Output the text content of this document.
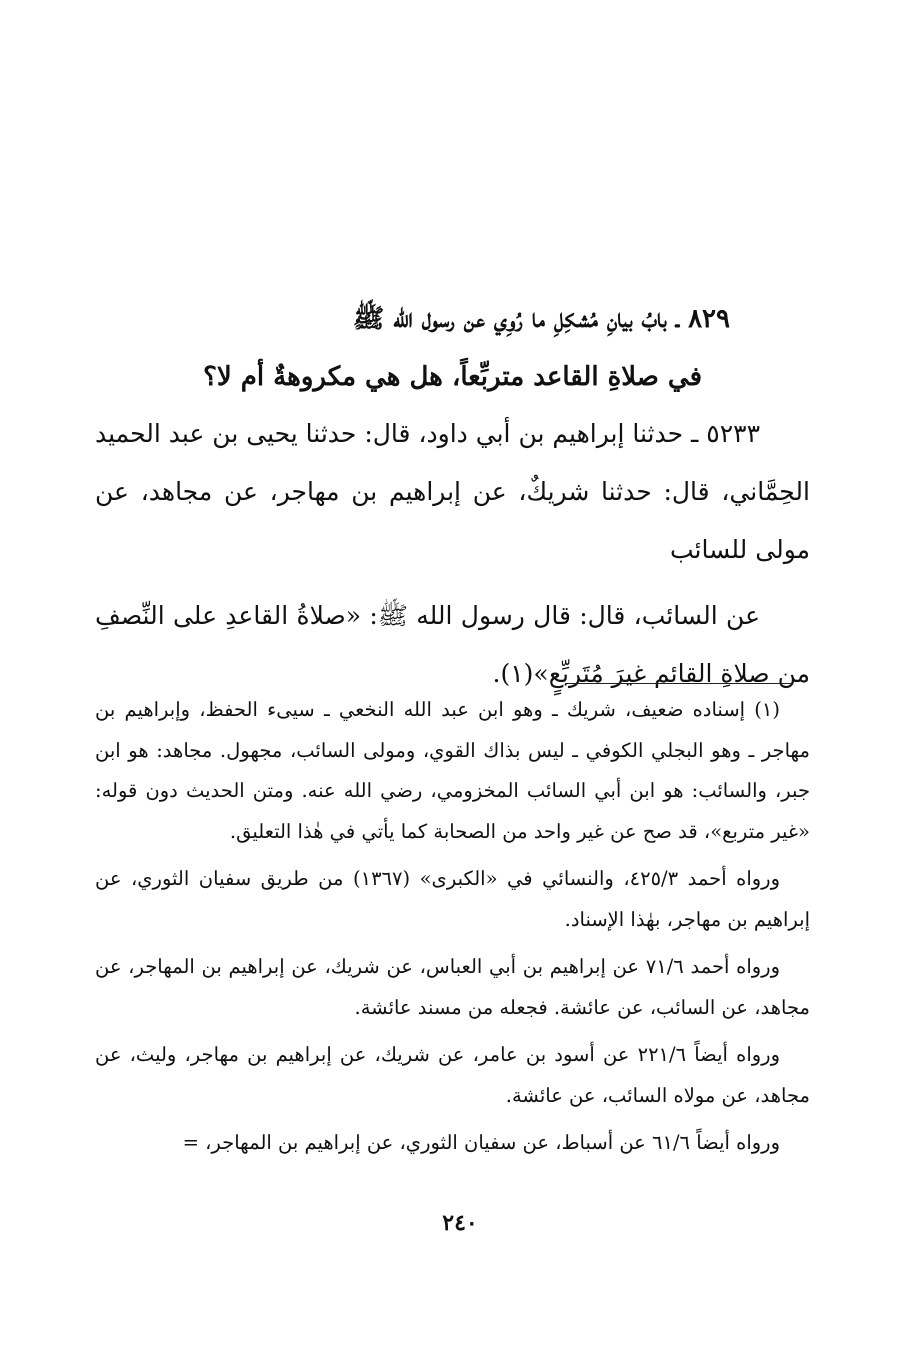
٨٢٩ ـ بابُ بيانِ مُشكِلِ ما رُوِي عن رسول الله ﷺ
في صلاةِ القاعد متربِّعاً، هل هي مكروهةٌ أم لا؟

٥٢٣٣ ـ حدثنا إبراهيم بن أبي داود، قال: حدثنا يحيى بن عبد الحميد الحِمَّاني، قال: حدثنا شريكٌ، عن إبراهيم بن مهاجر، عن مجاهد، عن مولى للسائب

عن السائب، قال: قال رسول الله ﷺ: «صلاةُ القاعدِ على النِّصفِ من صلاةِ القائم غيرَ مُتَربِّعٍ»(١).

(١) إسناده ضعيف، شريك ـ وهو ابن عبد الله النخعي ـ سيىء الحفظ، وإبراهيم بن مهاجر ـ وهو البجلي الكوفي ـ ليس بذاك القوي، ومولى السائب، مجهول. مجاهد: هو ابن جبر، والسائب: هو ابن أبي السائب المخزومي، رضي الله عنه. ومتن الحديث دون قوله: «غير متربع»، قد صح عن غير واحد من الصحابة كما يأتي في هٰذا التعليق.

ورواه أحمد ٤٢٥/٣، والنسائي في «الكبرى» (١٣٦٧) من طريق سفيان الثوري، عن إبراهيم بن مهاجر، بهٰذا الإسناد.

ورواه أحمد ٧١/٦ عن إبراهيم بن أبي العباس، عن شريك، عن إبراهيم بن المهاجر، عن مجاهد، عن السائب، عن عائشة. فجعله من مسند عائشة.

ورواه أيضاً ٢٢١/٦ عن أسود بن عامر، عن شريك، عن إبراهيم بن مهاجر، وليث، عن مجاهد، عن مولاه السائب، عن عائشة.

ورواه أيضاً ٦١/٦ عن أسباط، عن سفيان الثوري، عن إبراهيم بن المهاجر، =

٢٤٠
